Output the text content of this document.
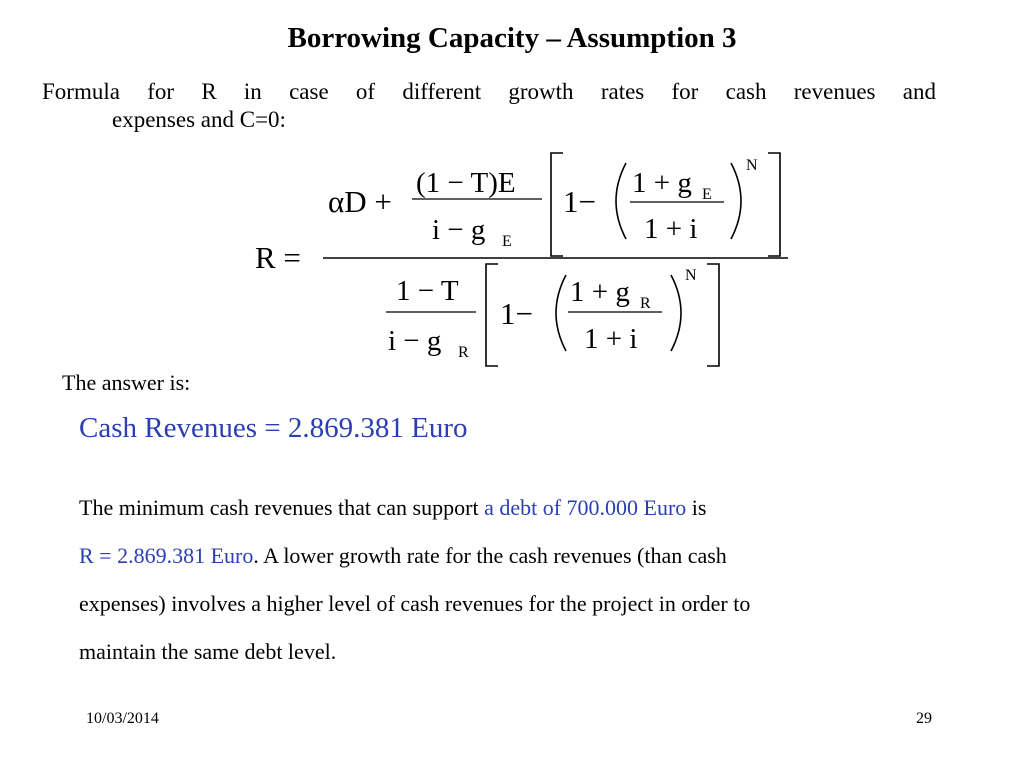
Borrowing Capacity – Assumption 3
Formula for R in case of different growth rates for cash revenues and
expenses and C=0:
R =
αD +
(1 − T)E
i − g E
1−
1 + g E
1 + i
N
1 − T
i − g R
1−
1 + g R
1 + i
N
The answer is:
Cash Revenues = 2.869.381 Euro
The minimum cash revenues that can support a debt of 700.000 Euro is
R = 2.869.381 Euro. A lower growth rate for the cash revenues (than cash
expenses) involves a higher level of cash revenues for the project in order to
maintain the same debt level.
10/03/2014	29
